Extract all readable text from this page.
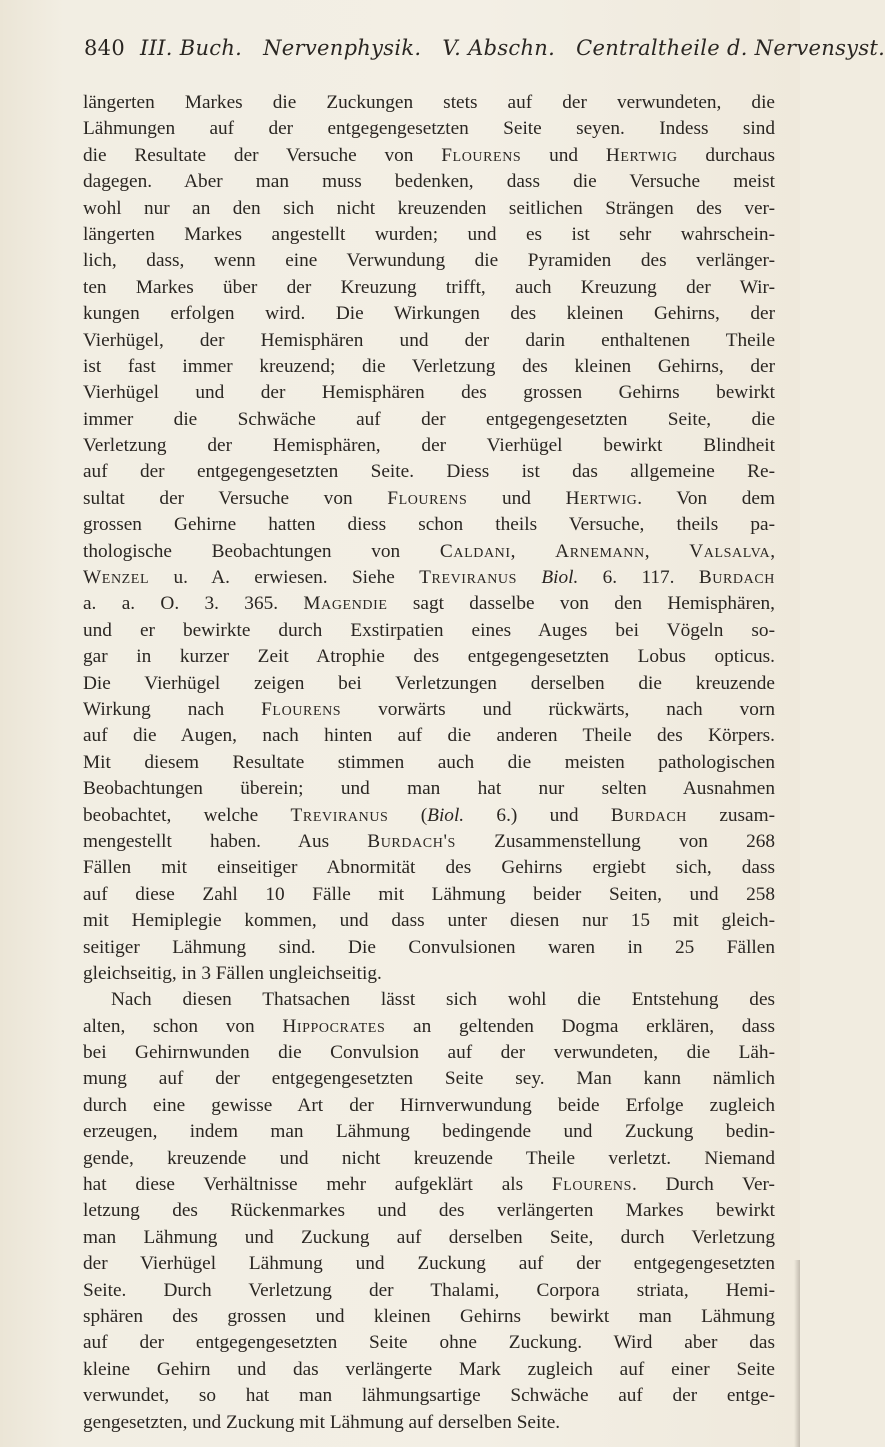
840 III. Buch. Nervenphysik. V. Abschn. Centraltheile d. Nervensyst.
längerten Markes die Zuckungen stets auf der verwundeten, die
Lähmungen auf der entgegengesetzten Seite seyen. Indess sind
die Resultate der Versuche von Flourens und Hertwig durchaus
dagegen. Aber man muss bedenken, dass die Versuche meist
wohl nur an den sich nicht kreuzenden seitlichen Strängen des ver-
längerten Markes angestellt wurden; und es ist sehr wahrschein-
lich, dass, wenn eine Verwundung die Pyramiden des verlänger-
ten Markes über der Kreuzung trifft, auch Kreuzung der Wir-
kungen erfolgen wird. Die Wirkungen des kleinen Gehirns, der
Vierhügel, der Hemisphären und der darin enthaltenen Theile
ist fast immer kreuzend; die Verletzung des kleinen Gehirns, der
Vierhügel und der Hemisphären des grossen Gehirns bewirkt
immer die Schwäche auf der entgegengesetzten Seite, die
Verletzung der Hemisphären, der Vierhügel bewirkt Blindheit
auf der entgegengesetzten Seite. Diess ist das allgemeine Re-
sultat der Versuche von Flourens und Hertwig. Von dem
grossen Gehirne hatten diess schon theils Versuche, theils pa-
thologische Beobachtungen von Caldani, Arnemann, Valsalva,
Wenzel u. A. erwiesen. Siehe Treviranus Biol. 6. 117. Burdach
a. a. O. 3. 365. Magendie sagt dasselbe von den Hemisphären,
und er bewirkte durch Exstirpatien eines Auges bei Vögeln so-
gar in kurzer Zeit Atrophie des entgegengesetzten Lobus opticus.
Die Vierhügel zeigen bei Verletzungen derselben die kreuzende
Wirkung nach Flourens vorwärts und rückwärts, nach vorn
auf die Augen, nach hinten auf die anderen Theile des Körpers.
Mit diesem Resultate stimmen auch die meisten pathologischen
Beobachtungen überein; und man hat nur selten Ausnahmen
beobachtet, welche Treviranus (Biol. 6.) und Burdach zusam-
mengestellt haben. Aus Burdach's Zusammenstellung von 268
Fällen mit einseitiger Abnormität des Gehirns ergiebt sich, dass
auf diese Zahl 10 Fälle mit Lähmung beider Seiten, und 258
mit Hemiplegie kommen, und dass unter diesen nur 15 mit gleich-
seitiger Lähmung sind. Die Convulsionen waren in 25 Fällen
gleichseitig, in 3 Fällen ungleichseitig.
Nach diesen Thatsachen lässt sich wohl die Entstehung des
alten, schon von Hippocrates an geltenden Dogma erklären, dass
bei Gehirnwunden die Convulsion auf der verwundeten, die Läh-
mung auf der entgegengesetzten Seite sey. Man kann nämlich
durch eine gewisse Art der Hirnverwundung beide Erfolge zugleich
erzeugen, indem man Lähmung bedingende und Zuckung bedin-
gende, kreuzende und nicht kreuzende Theile verletzt. Niemand
hat diese Verhältnisse mehr aufgeklärt als Flourens. Durch Ver-
letzung des Rückenmarkes und des verlängerten Markes bewirkt
man Lähmung und Zuckung auf derselben Seite, durch Verletzung
der Vierhügel Lähmung und Zuckung auf der entgegengesetzten
Seite. Durch Verletzung der Thalami, Corpora striata, Hemi-
sphären des grossen und kleinen Gehirns bewirkt man Lähmung
auf der entgegengesetzten Seite ohne Zuckung. Wird aber das
kleine Gehirn und das verlängerte Mark zugleich auf einer Seite
verwundet, so hat man lähmungsartige Schwäche auf der entge-
gengesetzten, und Zuckung mit Lähmung auf derselben Seite.
